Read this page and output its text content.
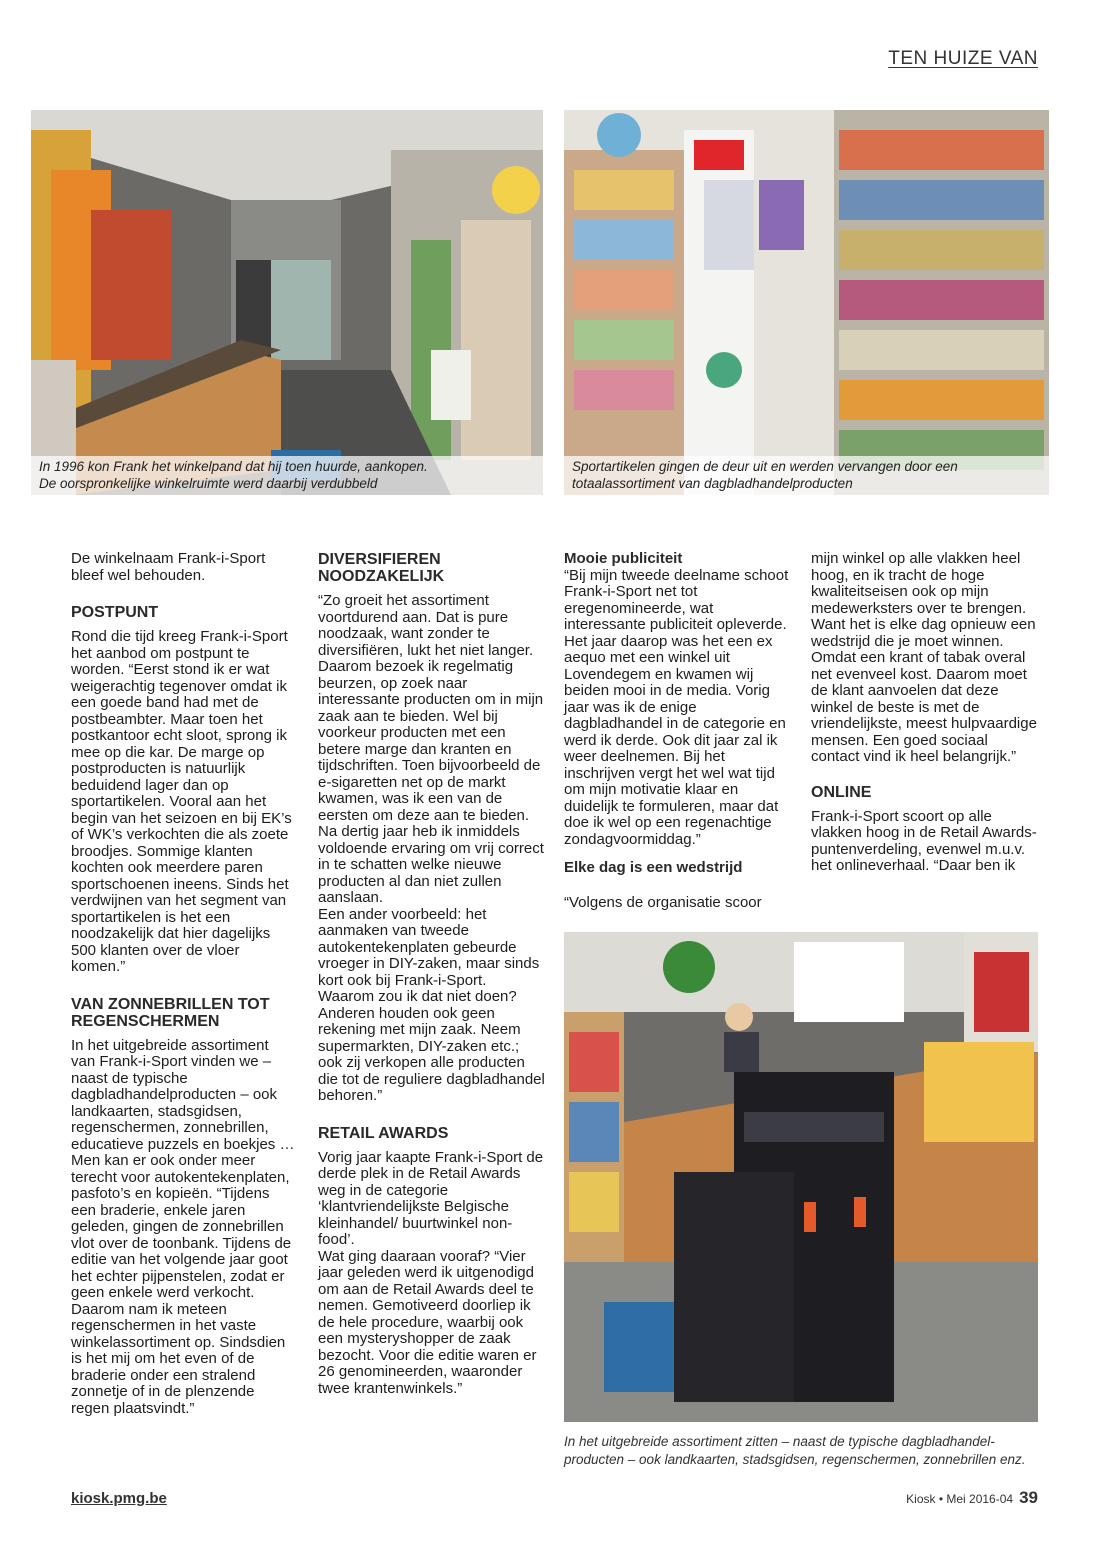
TEN HUIZE VAN
In 1996 kon Frank het winkelpand dat hij toen huurde, aankopen.
De oorspronkelijke winkelruimte werd daarbij verdubbeld
Sportartikelen gingen de deur uit en werden vervangen door een
totaalassortiment van dagbladhandelproducten
In het uitgebreide assortiment zitten – naast de typische dagbladhandel-
producten – ook landkaarten, stadsgidsen, regenschermen, zonnebrillen enz.

De winkelnaam Frank-i-Sport bleef wel behouden.

POSTPUNT

Rond die tijd kreeg Frank-i-Sport het aanbod om postpunt te worden. “Eerst stond ik er wat weigerachtig tegenover omdat ik een goede band had met de postbeambter. Maar toen het postkantoor echt sloot, sprong ik mee op die kar. De marge op postproducten is natuurlijk beduidend lager dan op sportartikelen. Vooral aan het begin van het seizoen en bij EK’s of WK’s verkochten die als zoete broodjes. Sommige klanten kochten ook meerdere paren sportschoenen ineens. Sinds het verdwijnen van het segment van sportartikelen is het een noodzakelijk dat hier dagelijks 500 klanten over de vloer komen.”

VAN ZONNEBRILLEN TOT REGENSCHERMEN

In het uitgebreide assortiment van Frank-i-Sport vinden we – naast de typische dagbladhandelproducten – ook landkaarten, stadsgidsen, regenschermen, zonnebrillen, educatieve puzzels en boekjes … Men kan er ook onder meer terecht voor autokentekenplaten, pasfoto’s en kopieën. “Tijdens een braderie, enkele jaren geleden, gingen de zonnebrillen vlot over de toonbank. Tijdens de editie van het volgende jaar goot het echter pijpenstelen, zodat er geen enkele werd verkocht. Daarom nam ik meteen regenschermen in het vaste winkelassortiment op. Sindsdien is het mij om het even of de braderie onder een stralend zonnetje of in de plenzende regen plaatsvindt.”

DIVERSIFIEREN NOODZAKELIJK

“Zo groeit het assortiment voortdurend aan. Dat is pure noodzaak, want zonder te diversifiëren, lukt het niet langer.

Daarom bezoek ik regelmatig beurzen, op zoek naar interessante producten om in mijn zaak aan te bieden. Wel bij voorkeur producten met een betere marge dan kranten en tijdschriften. Toen bijvoorbeeld de e-sigaretten net op de markt kwamen, was ik een van de eersten om deze aan te bieden.

Na dertig jaar heb ik inmiddels voldoende ervaring om vrij correct in te schatten welke nieuwe producten al dan niet zullen aanslaan.

Een ander voorbeeld: het aanmaken van tweede autokentekenplaten gebeurde vroeger in DIY-zaken, maar sinds kort ook bij Frank-i-Sport.

Waarom zou ik dat niet doen? Anderen houden ook geen rekening met mijn zaak. Neem supermarkten, DIY-zaken etc.; ook zij verkopen alle producten die tot de reguliere dagbladhandel behoren.”

RETAIL AWARDS

Vorig jaar kaapte Frank-i-Sport de derde plek in de Retail Awards weg in de categorie ‘klantvriendelijkste Belgische kleinhandel/ buurtwinkel non-food’.

Wat ging daaraan vooraf? “Vier jaar geleden werd ik uitgenodigd om aan de Retail Awards deel te nemen. Gemotiveerd doorliep ik de hele procedure, waarbij ook een mysteryshopper de zaak bezocht. Voor die editie waren er 26 genomineerden, waaronder twee krantenwinkels.”

Mooie publiciteit

“Bij mijn tweede deelname schoot Frank-i-Sport net tot eregenomineerde, wat interessante publiciteit opleverde. Het jaar daarop was het een ex aequo met een winkel uit Lovendegem en kwamen wij beiden mooi in de media. Vorig jaar was ik de enige dagbladhandel in de categorie en werd ik derde. Ook dit jaar zal ik weer deelnemen. Bij het inschrijven vergt het wel wat tijd om mijn motivatie klaar en duidelijk te formuleren, maar dat doe ik wel op een regenachtige zondagvoormiddag.”

Elke dag is een wedstrijd

“Volgens de organisatie scoor

mijn winkel op alle vlakken heel hoog, en ik tracht de hoge kwaliteitseisen ook op mijn medewerksters over te brengen. Want het is elke dag opnieuw een wedstrijd die je moet winnen. Omdat een krant of tabak overal net evenveel kost. Daarom moet de klant aanvoelen dat deze winkel de beste is met de vriendelijkste, meest hulpvaardige mensen. Een goed sociaal contact vind ik heel belangrijk.”

ONLINE

Frank-i-Sport scoort op alle vlakken hoog in de Retail Awards-puntenverdeling, evenwel m.u.v. het onlineverhaal. “Daar ben ik

kiosk.pmg.be	Kiosk • Mei 2016-04 39
